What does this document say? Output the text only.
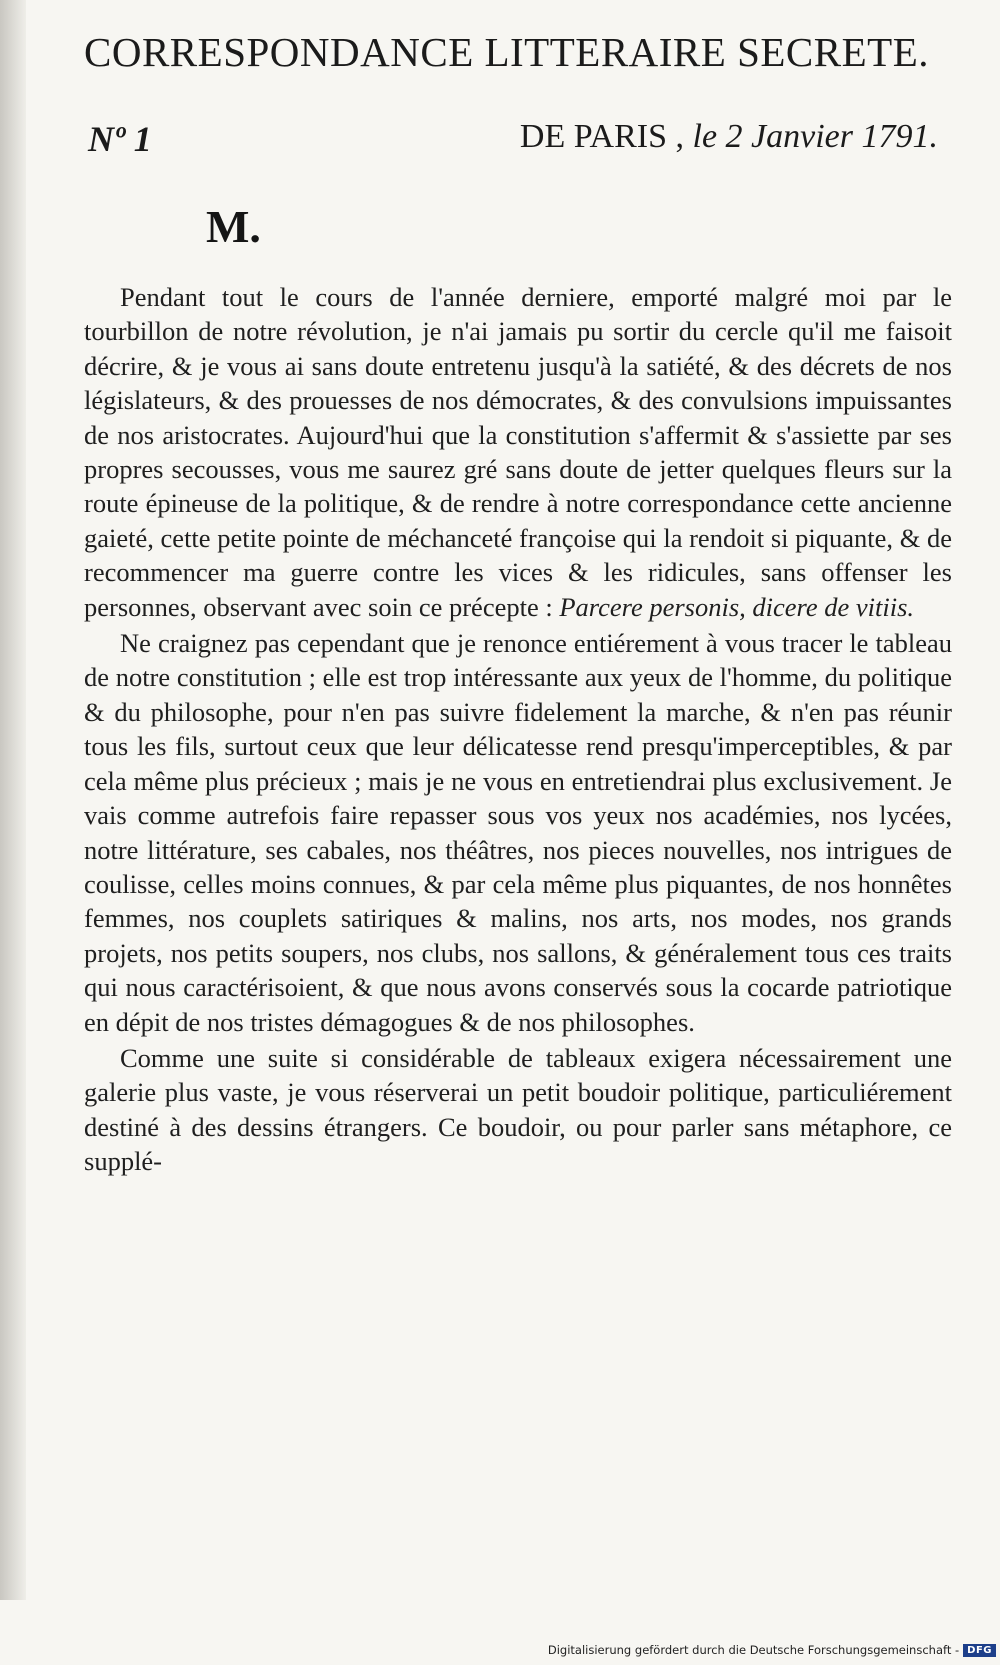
CORRESPONDANCE LITTERAIRE SECRETE.
Nº 1	DE PARIS , le 2 Janvier 1791.
M.

Pendant tout le cours de l'année derniere, emporté malgré moi par le tourbillon de notre révolution, je n'ai jamais pu sortir du cercle qu'il me faisoit décrire, & je vous ai sans doute entretenu jusqu'à la satiété, & des décrets de nos législateurs, & des prouesses de nos démocrates, & des convulsions impuissantes de nos aristocrates. Aujourd'hui que la constitution s'affermit & s'assiette par ses propres secousses, vous me saurez gré sans doute de jetter quelques fleurs sur la route épineuse de la politique, & de rendre à notre correspondance cette ancienne gaieté, cette petite pointe de méchanceté françoise qui la rendoit si piquante, & de recommencer ma guerre contre les vices & les ridicules, sans offenser les personnes, observant avec soin ce précepte : Parcere personis, dicere de vitiis.

Ne craignez pas cependant que je renonce entiérement à vous tracer le tableau de notre constitution ; elle est trop intéressante aux yeux de l'homme, du politique & du philosophe, pour n'en pas suivre fidelement la marche, & n'en pas réunir tous les fils, surtout ceux que leur délicatesse rend presqu'imperceptibles, & par cela même plus précieux ; mais je ne vous en entretiendrai plus exclusivement. Je vais comme autrefois faire repasser sous vos yeux nos académies, nos lycées, notre littérature, ses cabales, nos théâtres, nos pieces nouvelles, nos intrigues de coulisse, celles moins connues, & par cela même plus piquantes, de nos honnêtes femmes, nos couplets satiriques & malins, nos arts, nos modes, nos grands projets, nos petits soupers, nos clubs, nos sallons, & généralement tous ces traits qui nous caractérisoient, & que nous avons conservés sous la cocarde patriotique en dépit de nos tristes démagogues & de nos philosophes.

Comme une suite si considérable de tableaux exigera nécessairement une galerie plus vaste, je vous réserverai un petit boudoir politique, particuliérement destiné à des dessins étrangers. Ce boudoir, ou pour parler sans métaphore, ce supplé-

Digitalisierung gefördert durch die Deutsche Forschungsgemeinschaft - DFG
